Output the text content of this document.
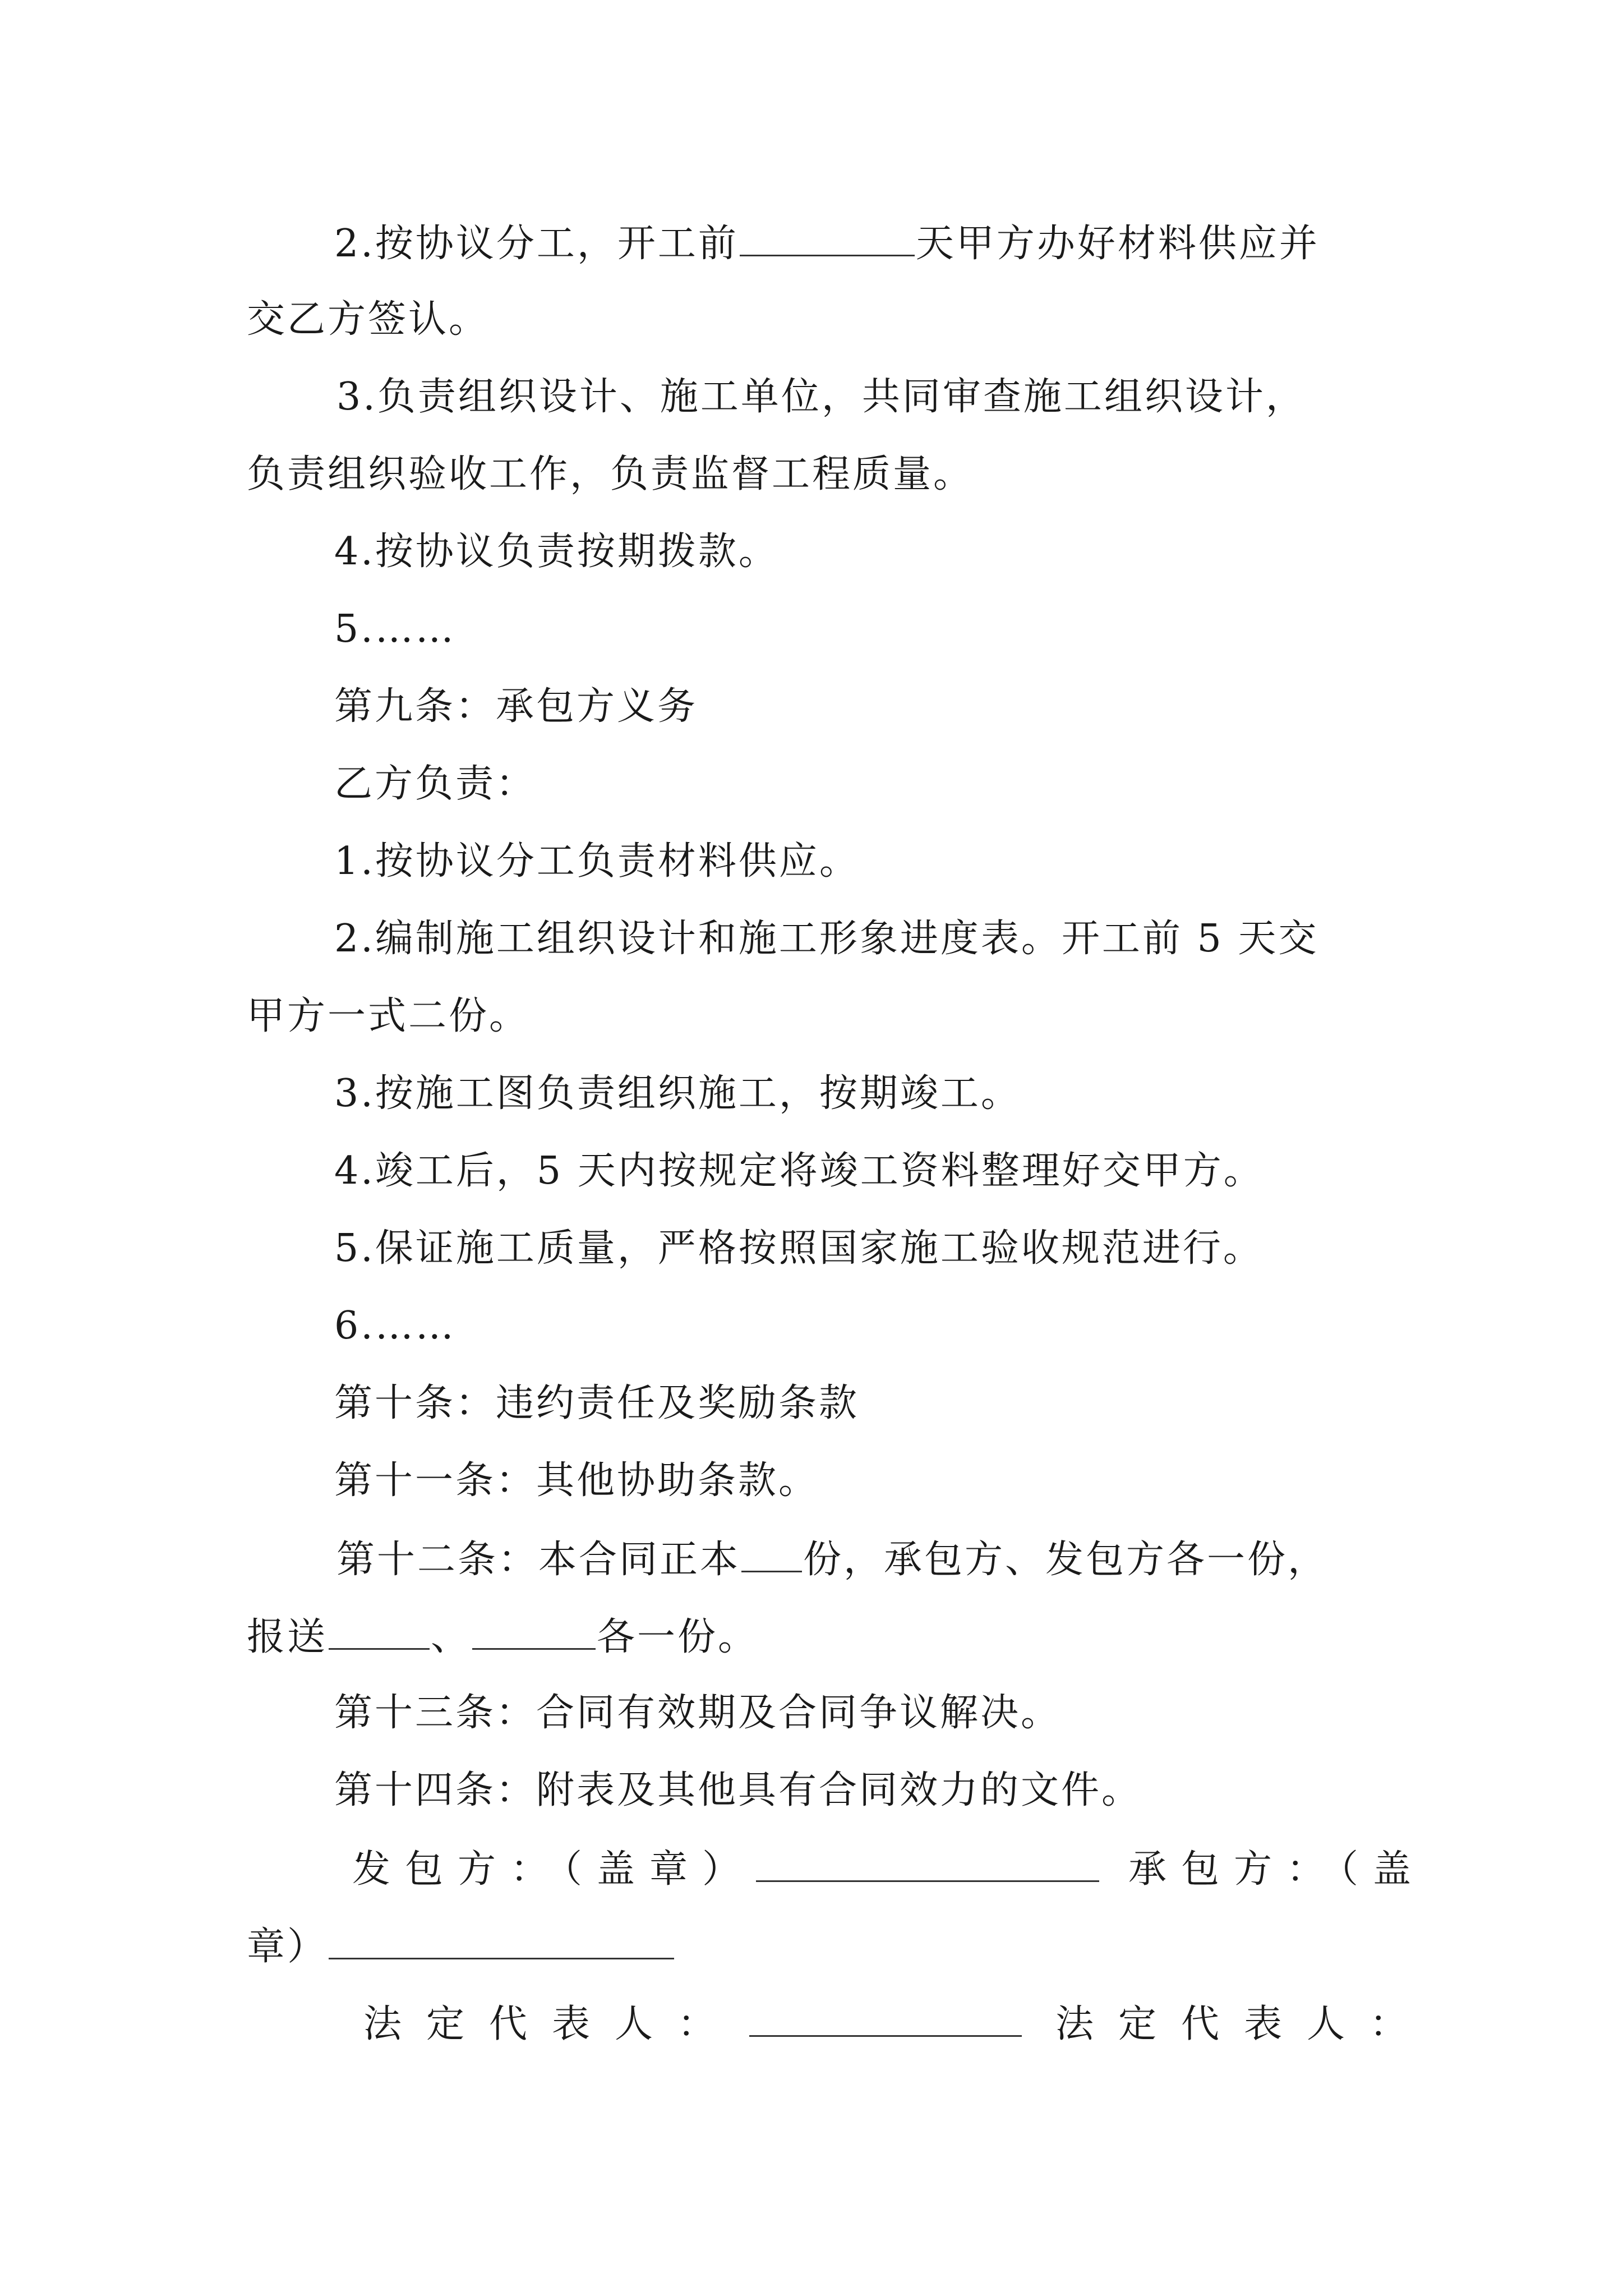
2.按协议分工，开工前	天甲方办好材料供应并
交乙方签认。
3.负责组织设计、施工单位，共同审查施工组织设计，
负责组织验收工作，负责监督工程质量。
4.按协议负责按期拨款。
5.……
第九条：承包方义务
乙方负责：
1.按协议分工负责材料供应。
2.编制施工组织设计和施工形象进度表。开工前 5 天交
甲方一式二份。
3.按施工图负责组织施工，按期竣工。
4.竣工后，5 天内按规定将竣工资料整理好交甲方。
5.保证施工质量，严格按照国家施工验收规范进行。
6.……
第十条：违约责任及奖励条款
第十一条：其他协助条款。
第十二条：本合同正本 份，承包方、发包方各一份，
报送	、	各一份。
第十三条：合同有效期及合同争议解决。
第十四条：附表及其他具有合同效力的文件。
发包方：（盖章）	承包方：（盖
章）
法定代表人：	法定代表人：
